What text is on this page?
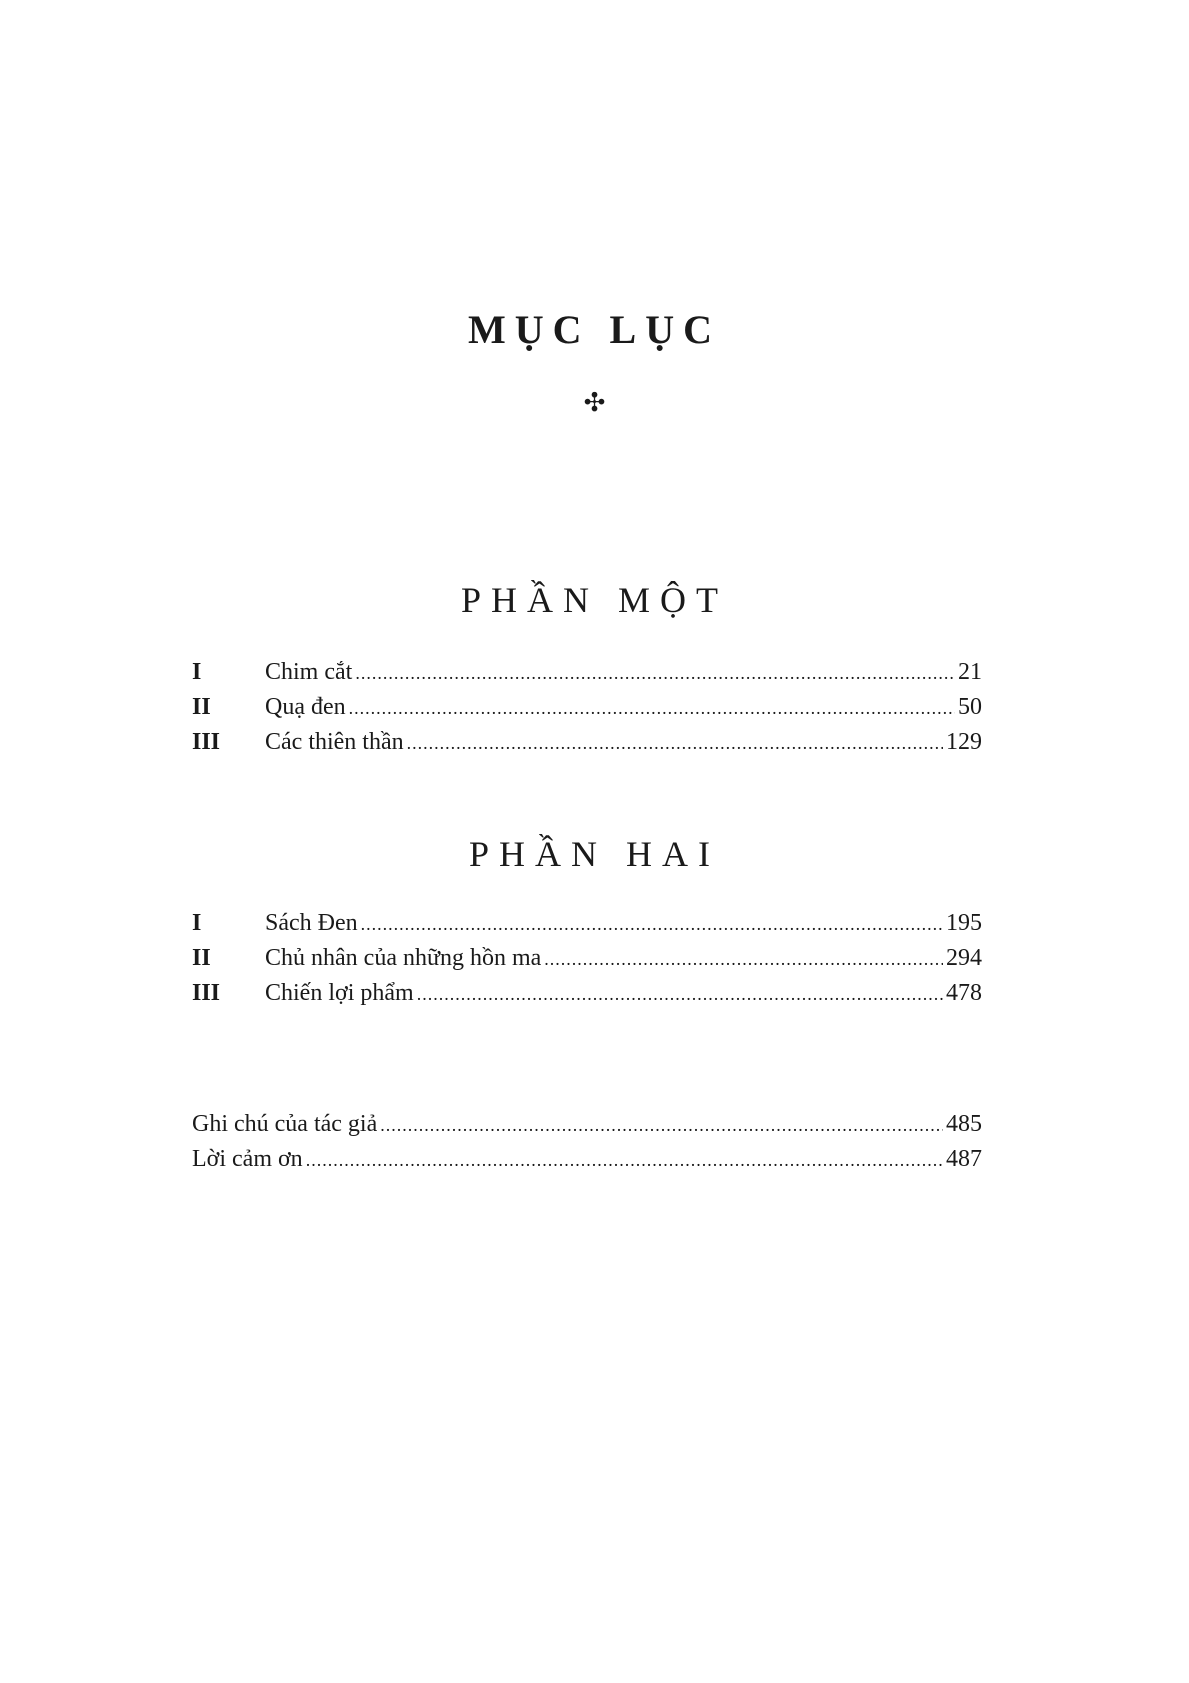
MỤC LỤC
✣
PHẦN MỘT
I	Chim cắt .....	21
II	Quạ đen .....	50
III	Các thiên thần .....	129
PHẦN HAI
I	Sách Đen .....	195
II	Chủ nhân của những hồn ma .....	294
III	Chiến lợi phẩm .....	478
Ghi chú của tác giả .....	485
Lời cảm ơn .....	487
